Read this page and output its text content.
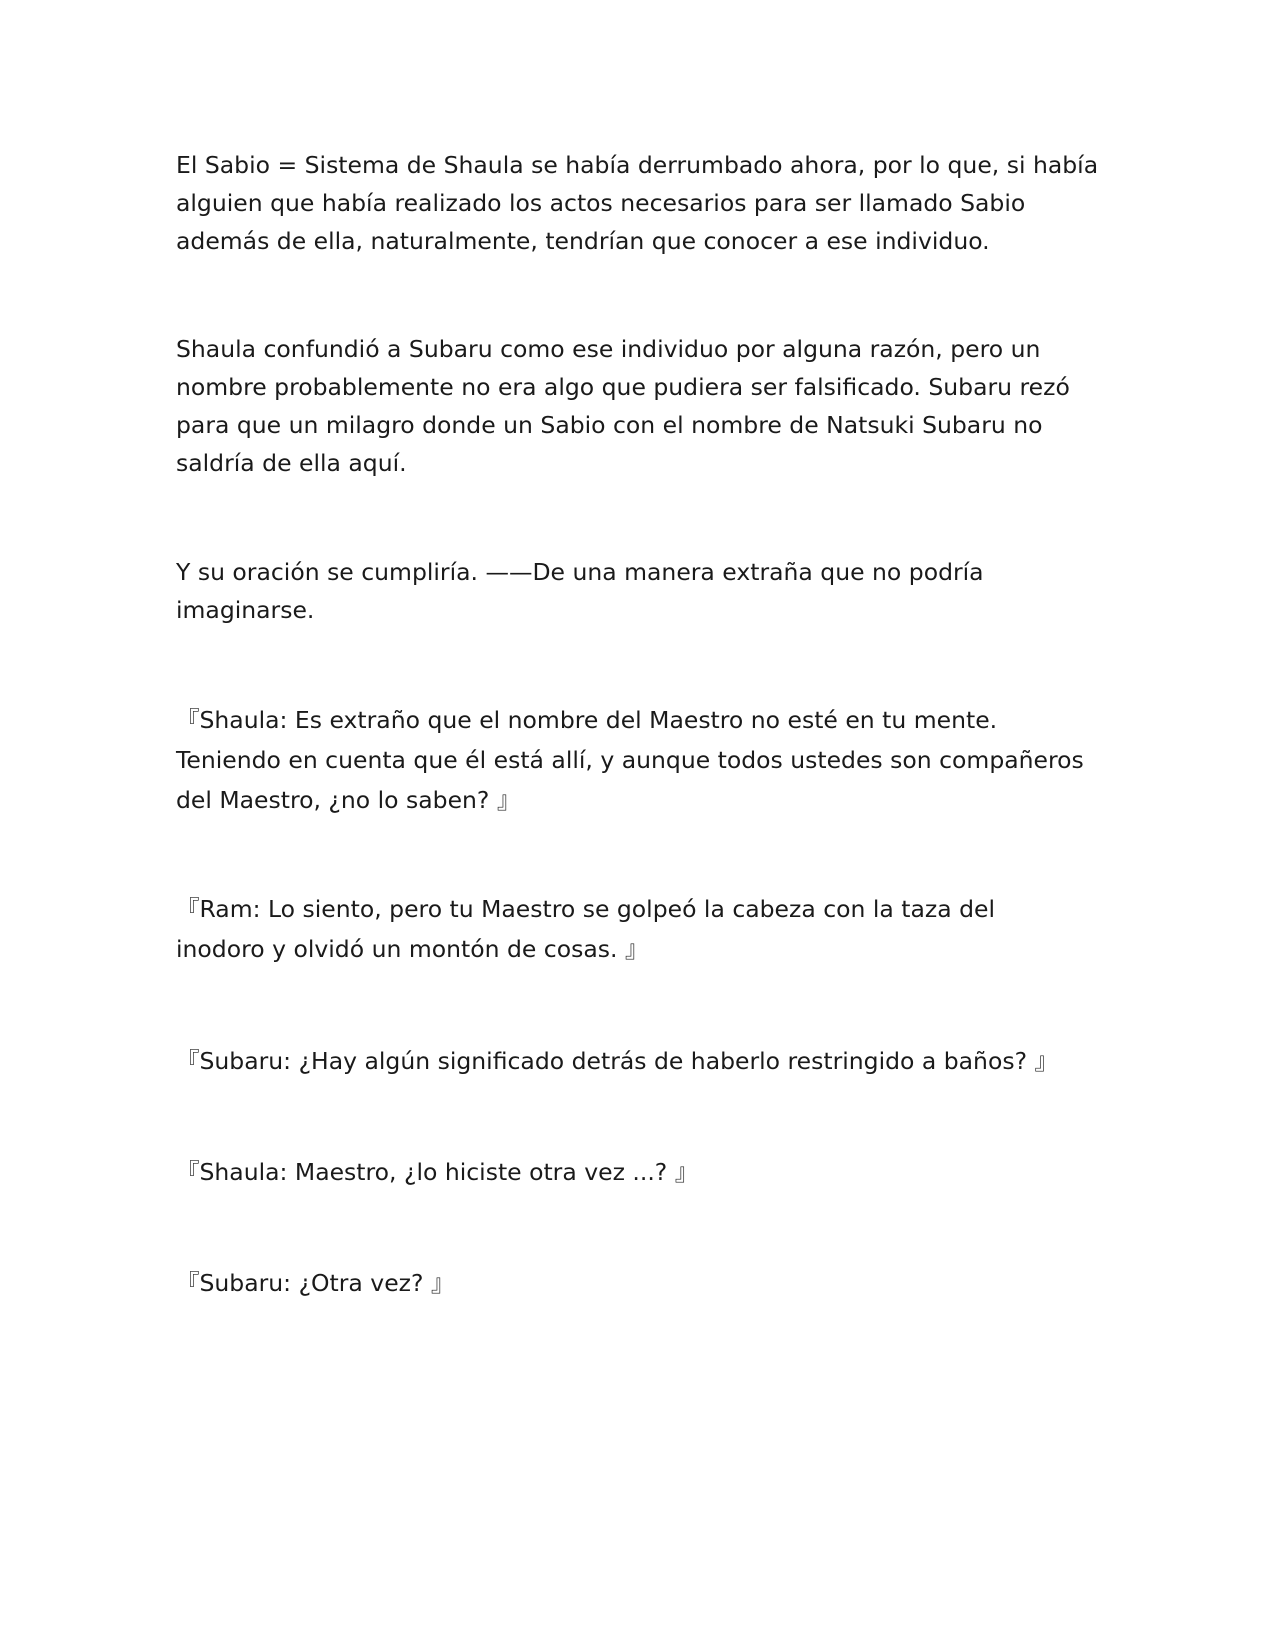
El Sabio = Sistema de Shaula se había derrumbado ahora, por lo que, si había
alguien que había realizado los actos necesarios para ser llamado Sabio
además de ella, naturalmente, tendrían que conocer a ese individuo.

Shaula confundió a Subaru como ese individuo por alguna razón, pero un
nombre probablemente no era algo que pudiera ser falsificado. Subaru rezó
para que un milagro donde un Sabio con el nombre de Natsuki Subaru no
saldría de ella aquí.

Y su oración se cumpliría. ——De una manera extraña que no podría
imaginarse.

『Shaula: Es extraño que el nombre del Maestro no esté en tu mente.
Teniendo en cuenta que él está allí, y aunque todos ustedes son compañeros
del Maestro, ¿no lo saben? 』

『Ram: Lo siento, pero tu Maestro se golpeó la cabeza con la taza del
inodoro y olvidó un montón de cosas. 』

『Subaru: ¿Hay algún significado detrás de haberlo restringido a baños? 』

『Shaula: Maestro, ¿lo hiciste otra vez ...? 』

『Subaru: ¿Otra vez? 』
